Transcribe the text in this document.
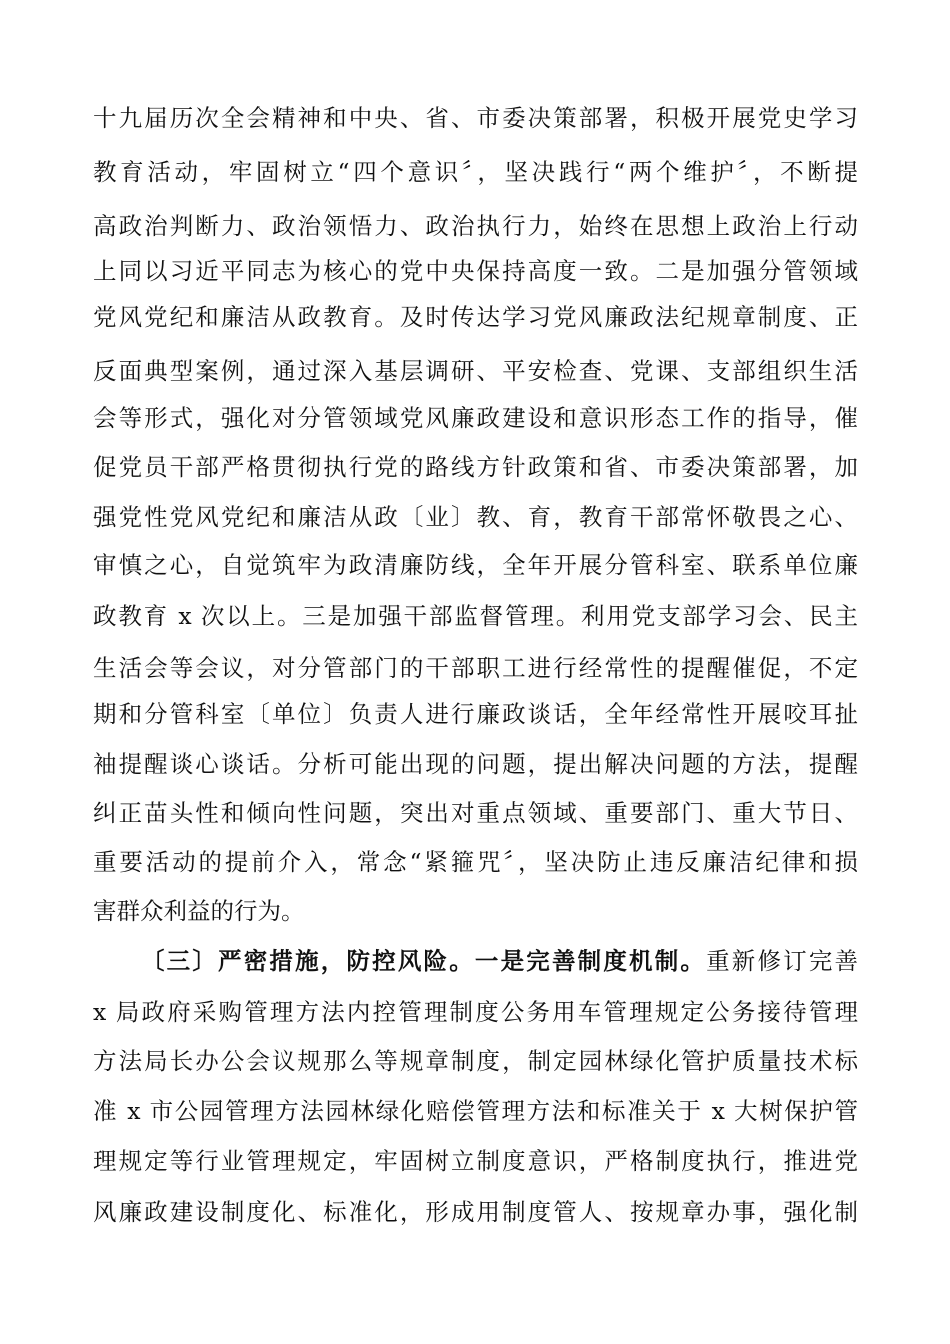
十九届历次全会精神和中央、省、市委决策部署，积极开展党史学习
教育活动，牢固树立“四个意识〞，坚决践行“两个维护〞，不断提
高政治判断力、政治领悟力、政治执行力，始终在思想上政治上行动
上同以习近平同志为核心的党中央保持高度一致。二是加强分管领域
党风党纪和廉洁从政教育。及时传达学习党风廉政法纪规章制度、正
反面典型案例，通过深入基层调研、平安检查、党课、支部组织生活
会等形式，强化对分管领域党风廉政建设和意识形态工作的指导，催
促党员干部严格贯彻执行党的路线方针政策和省、市委决策部署，加
强党性党风党纪和廉洁从政〔业〕教、育，教育干部常怀敬畏之心、
审慎之心，自觉筑牢为政清廉防线，全年开展分管科室、联系单位廉
政教育 x 次以上。三是加强干部监督管理。利用党支部学习会、民主
生活会等会议，对分管部门的干部职工进行经常性的提醒催促，不定
期和分管科室〔单位〕负责人进行廉政谈话，全年经常性开展咬耳扯
袖提醒谈心谈话。分析可能出现的问题，提出解决问题的方法，提醒
纠正苗头性和倾向性问题，突出对重点领域、重要部门、重大节日、
重要活动的提前介入，常念“紧箍咒〞，坚决防止违反廉洁纪律和损
害群众利益的行为。
〔三〕严密措施，防控风险。一是完善制度机制。重新修订完善
x 局政府采购管理方法内控管理制度公务用车管理规定公务接待管理
方法局长办公会议规那么等规章制度，制定园林绿化管护质量技术标
准 x 市公园管理方法园林绿化赔偿管理方法和标准关于 x 大树保护管
理规定等行业管理规定，牢固树立制度意识，严格制度执行，推进党
风廉政建设制度化、标准化，形成用制度管人、按规章办事，强化制
